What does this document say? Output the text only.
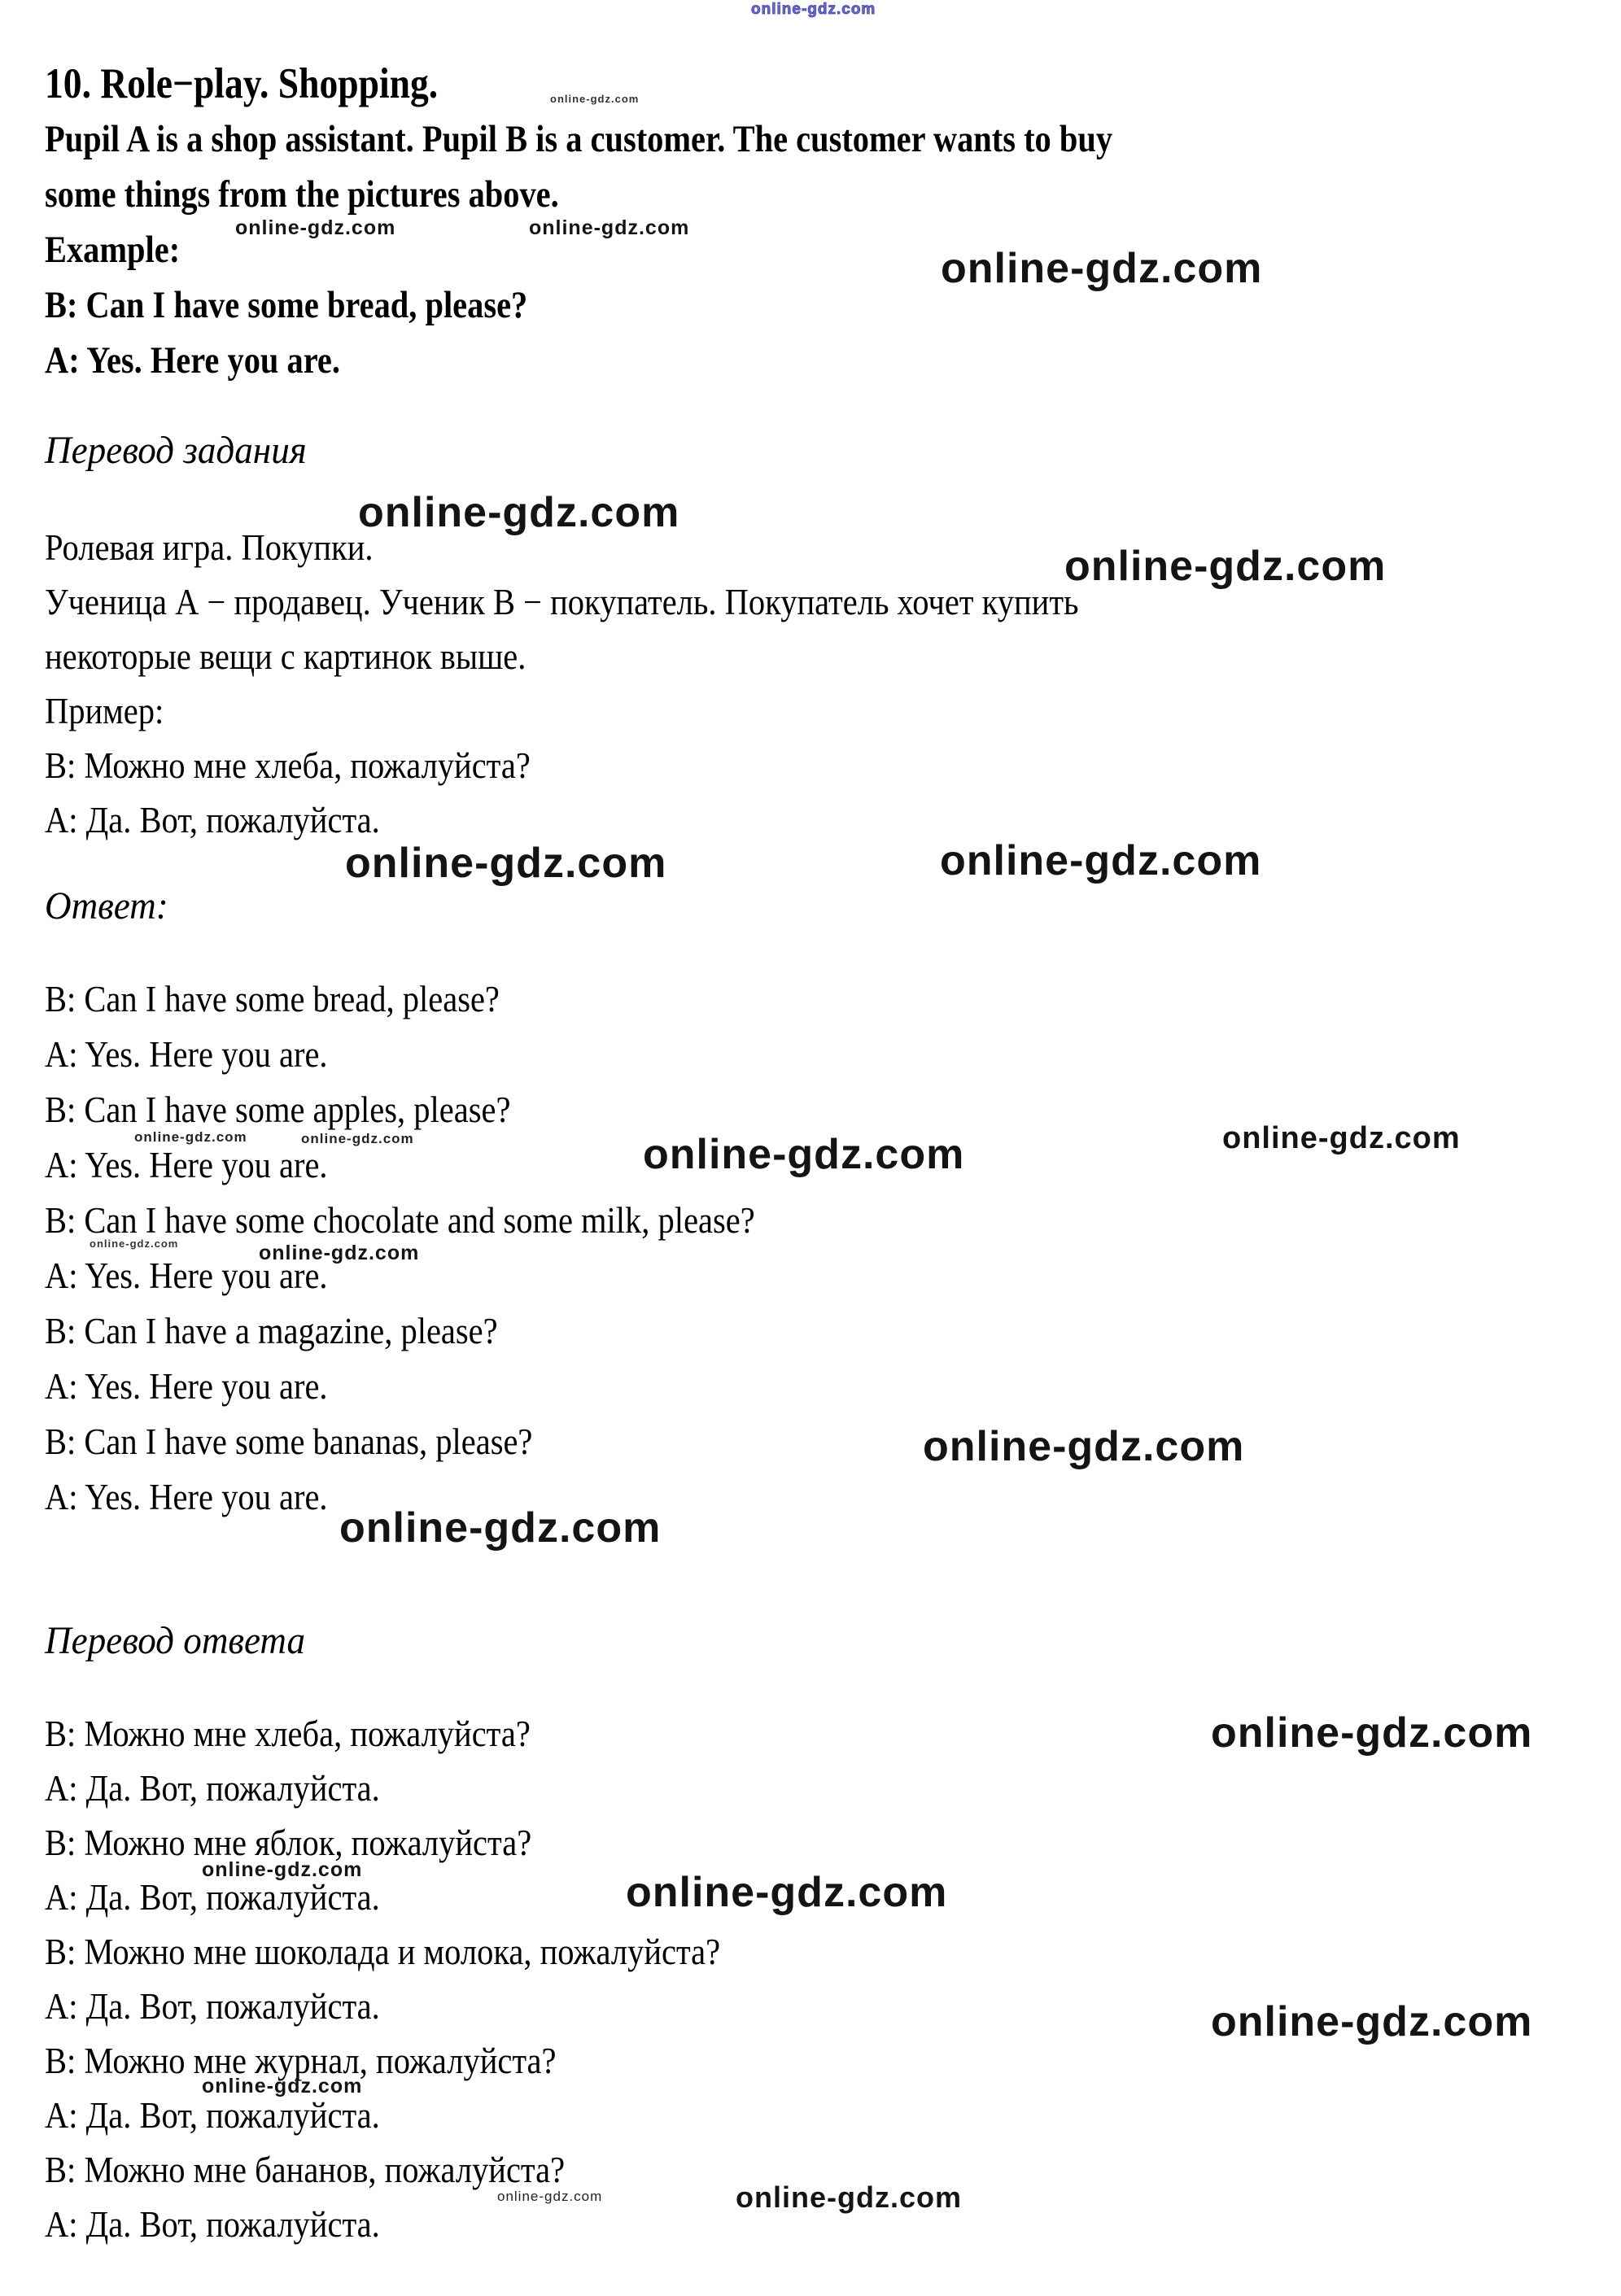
10. Role−play. Shopping.
Pupil A is a shop assistant. Pupil B is a customer. The customer wants to buy
some things from the pictures above.
Example:
B: Can I have some bread, please?
A: Yes. Here you are.
Перевод задания
Ролевая игра. Покупки.
Ученица А − продавец. Ученик В − покупатель. Покупатель хочет купить
некоторые вещи с картинок выше.
Пример:
B: Можно мне хлеба, пожалуйста?
A: Да. Вот, пожалуйста.
Ответ:
B: Can I have some bread, please?
A: Yes. Here you are.
B: Can I have some apples, please?
A: Yes. Here you are.
B: Can I have some chocolate and some milk, please?
A: Yes. Here you are.
B: Can I have a magazine, please?
A: Yes. Here you are.
B: Can I have some bananas, please?
A: Yes. Here you are.
Перевод ответа
B: Можно мне хлеба, пожалуйста?
A: Да. Вот, пожалуйста.
B: Можно мне яблок, пожалуйста?
A: Да. Вот, пожалуйста.
B: Можно мне шоколада и молока, пожалуйста?
A: Да. Вот, пожалуйста.
B: Можно мне журнал, пожалуйста?
A: Да. Вот, пожалуйста.
B: Можно мне бананов, пожалуйста?
A: Да. Вот, пожалуйста.
online-gdz.com
online-gdz.com
online-gdz.com	online-gdz.com
online-gdz.com
online-gdz.com
online-gdz.com
online-gdz.com	online-gdz.com
online-gdz.com	online-gdz.com	online-gdz.com	online-gdz.com
online-gdz.com	online-gdz.com
online-gdz.com
online-gdz.com
online-gdz.com
online-gdz.com	online-gdz.com
online-gdz.com
online-gdz.com
online-gdz.com	online-gdz.com
